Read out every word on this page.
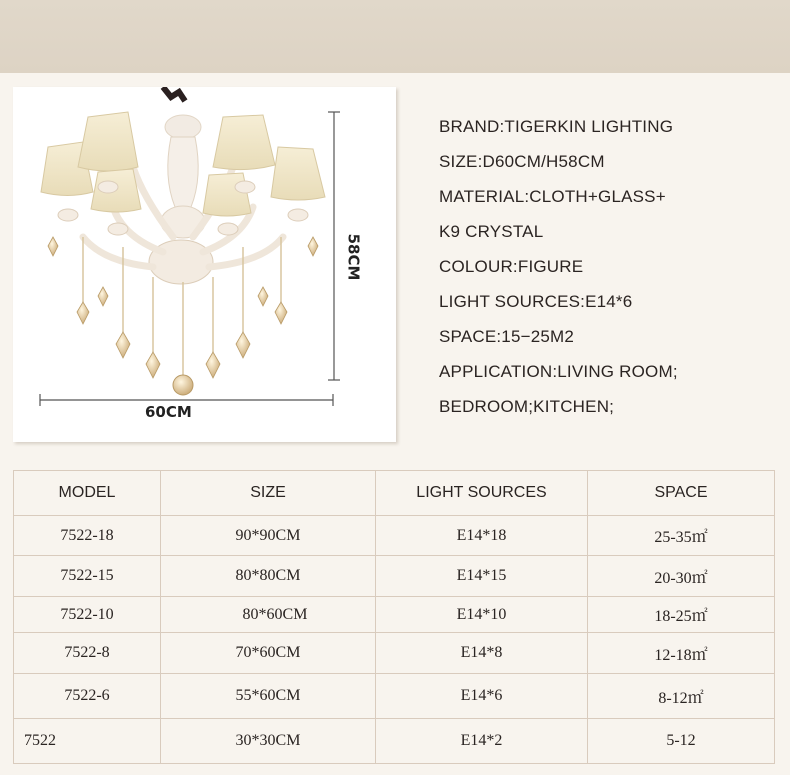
60CM
58CM
BRAND:TIGERKIN LIGHTING
SIZE:D60CM/H58CM
MATERIAL:CLOTH+GLASS+
K9 CRYSTAL
COLOUR:FIGURE
LIGHT SOURCES:E14*6
SPACE:15−25M2
APPLICATION:LIVING ROOM;
BEDROOM;KITCHEN;
MODEL	SIZE	LIGHT SOURCES	SPACE
7522-18	90*90CM	E14*18	25-35㎡
7522-15	80*80CM	E14*15	20-30㎡
7522-10	80*60CM	E14*10	18-25㎡
7522-8	70*60CM	E14*8	12-18㎡
7522-6	55*60CM	E14*6	8-12㎡
7522	30*30CM	E14*2	5-12
